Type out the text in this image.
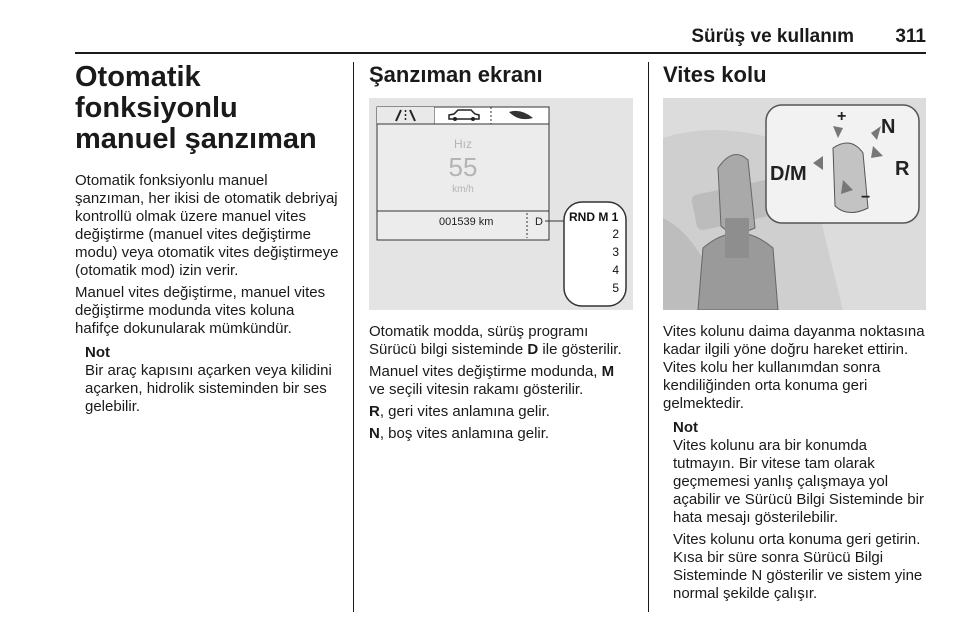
Sürüş ve kullanım 311
Otomatik fonksiyonlu manuel şanzıman

Otomatik fonksiyonlu manuel şanzıman, her ikisi de otomatik debriyaj kontrollü olmak üzere manuel vites değiştirme (manuel vites değiştirme modu) veya otomatik vites değiştirmeye (otomatik mod) izin verir.

Manuel vites değiştirme, manuel vites değiştirme modunda vites koluna hafifçe dokunularak mümkündür.

Not

Bir araç kapısını açarken veya kilidini açarken, hidrolik sisteminden bir ses gelebilir.

Şanzıman ekranı
Hız
55
km/h
001539 km	D RND M 1
2
3
4
5

Otomatik modda, sürüş programı Sürücü bilgi sisteminde D ile gösterilir.

Manuel vites değiştirme modunda, M ve seçili vitesin rakamı gösterilir.

R, geri vites anlamına gelir.

N, boş vites anlamına gelir.

Vites kolu
+
D/M
N
R
−

Vites kolunu daima dayanma noktasına kadar ilgili yöne doğru hareket ettirin. Vites kolu her kullanımdan sonra kendiliğinden orta konuma geri gelmektedir.

Not

Vites kolunu ara bir konumda tutmayın. Bir vitese tam olarak geçmemesi yanlış çalışmaya yol açabilir ve Sürücü Bilgi Sisteminde bir hata mesajı gösterilebilir.

Vites kolunu orta konuma geri getirin. Kısa bir süre sonra Sürücü Bilgi Sisteminde N gösterilir ve sistem yine normal şekilde çalışır.
